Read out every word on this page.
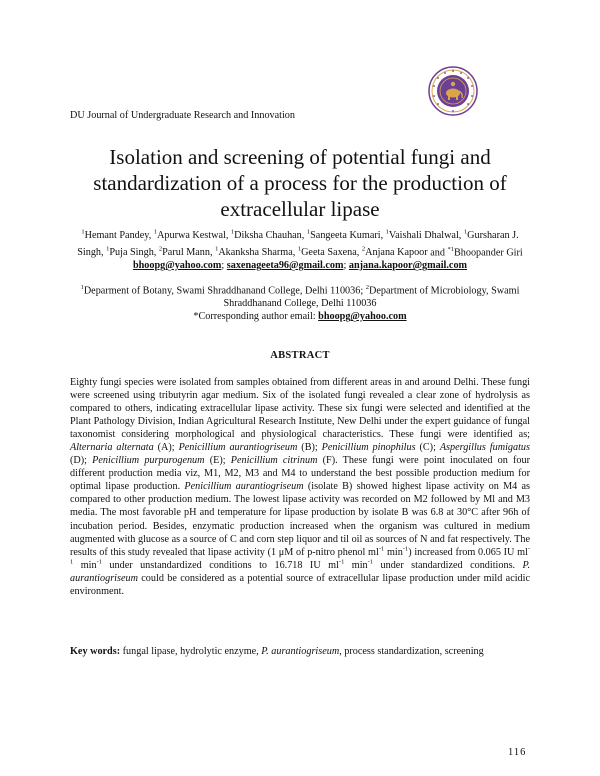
DU Journal of Undergraduate Research and Innovation
Isolation and screening of potential fungi and standardization of a process for the production of extracellular lipase
$^1$Hemant Pandey, $^1$Apurwa Kestwal, $^1$Diksha Chauhan, $^1$Sangeeta Kumari, $^1$Vaishali Dhalwal, $^1$Gursharan J. Singh, $^1$Puja Singh, $^2$Parul Mann, $^1$Akanksha Sharma, $^1$Geeta Saxena, $^2$Anjana Kapoor and $^{*1}$Bhoopander Giri
bhoopg@yahoo.com; saxenageeta96@gmail.com; anjana.kapoor@gmail.com
$^1$Deparment of Botany, Swami Shraddhanand College, Delhi 110036; $^2$Department of Microbiology, Swami Shraddhanand College, Delhi 110036
*Corresponding author email: bhoopg@yahoo.com
ABSTRACT

Eighty fungi species were isolated from samples obtained from different areas in and around Delhi. These fungi were screened using tributyrin agar medium. Six of the isolated fungi revealed a clear zone of hydrolysis as compared to others, indicating extracellular lipase activity. These six fungi were selected and identified at the Plant Pathology Division, Indian Agricultural Research Institute, New Delhi under the expert guidance of fungal taxonomist considering morphological and physiological characteristics. These fungi were identified as; Alternaria alternata (A); Penicillium aurantiogriseum (B); Penicillium pinophilus (C); Aspergillus fumigatus (D); Penicillium purpurogenum (E); Penicillium citrinum (F). These fungi were point inoculated on four different production media viz, M1, M2, M3 and M4 to understand the best possible production medium for optimal lipase production. Penicillium aurantiogriseum (isolate B) showed highest lipase activity on M4 as compared to other production medium. The lowest lipase activity was recorded on M2 followed by Ml and M3 media. The most favorable pH and temperature for lipase production by isolate B was 6.8 at 30°C after 96h of incubation period. Besides, enzymatic production increased when the organism was cultured in medium augmented with glucose as a source of C and corn step liquor and til oil as sources of N and fat respectively. The results of this study revealed that lipase activity (1 μM of p-nitro phenol $ml^{-1}$ $\min^{-1}$) increased from 0.065 IU $ml^{-1}$ $\min^{-1}$ under unstandardized conditions to 16.718 IU $ml^{-1}$ $\min^{-1}$ under standardized conditions. P. aurantiogriseum could be considered as a potential source of extracellular lipase production under mild acidic environment.

Key words: fungal lipase, hydrolytic enzyme, P. aurantiogriseum, process standardization, screening

116
